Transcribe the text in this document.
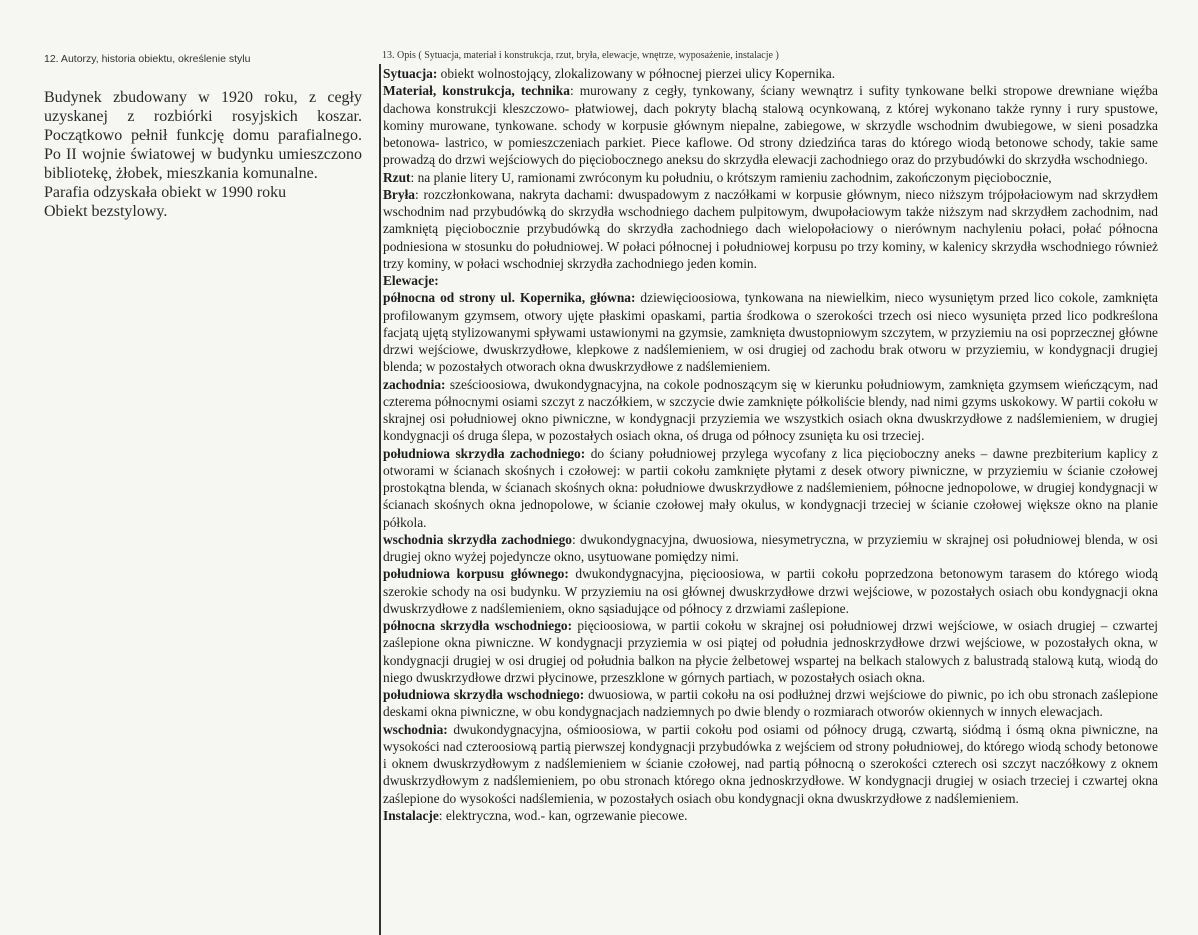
12. Autorzy, historia obiektu, określenie stylu

Budynek zbudowany w 1920 roku, z cegły uzyskanej z rozbiórki rosyjskich koszar. Początkowo pełnił funkcję domu parafialnego. Po II wojnie światowej w budynku umieszczono bibliotekę, żłobek, mieszkania komunalne.

Parafia odzyskała obiekt w 1990 roku

Obiekt bezstylowy.

13. Opis ( Sytuacja, materiał i konstrukcja, rzut, bryła, elewacje, wnętrze, wyposażenie, instalacje )

Sytuacja: obiekt wolnostojący, zlokalizowany w północnej pierzei ulicy Kopernika.

Materiał, konstrukcja, technika: murowany z cegły, tynkowany, ściany wewnątrz i sufity tynkowane belki stropowe drewniane więźba dachowa konstrukcji kleszczowo- płatwiowej, dach pokryty blachą stalową ocynkowaną, z której wykonano także rynny i rury spustowe, kominy murowane, tynkowane. schody w korpusie głównym niepalne, zabiegowe, w skrzydle wschodnim dwubiegowe, w sieni posadzka betonowa- lastrico, w pomieszczeniach parkiet. Piece kaflowe. Od strony dziedzińca taras do którego wiodą betonowe schody, takie same prowadzą do drzwi wejściowych do pięciobocznego aneksu do skrzydła elewacji zachodniego oraz do przybudówki do skrzydła wschodniego.

Rzut: na planie litery U, ramionami zwróconym ku południu, o krótszym ramieniu zachodnim, zakończonym pięciobocznie,

Bryła: rozczłonkowana, nakryta dachami: dwuspadowym z naczółkami w korpusie głównym, nieco niższym trójpołaciowym nad skrzydłem wschodnim nad przybudówką do skrzydła wschodniego dachem pulpitowym, dwupołaciowym także niższym nad skrzydłem zachodnim, nad zamkniętą pięciobocznie przybudówką do skrzydła zachodniego dach wielopołaciowy o nierównym nachyleniu połaci, połać północna podniesiona w stosunku do południowej. W połaci północnej i południowej korpusu po trzy kominy, w kalenicy skrzydła wschodniego również trzy kominy, w połaci wschodniej skrzydła zachodniego jeden komin.

Elewacje:

północna od strony ul. Kopernika, główna: dziewięcioosiowa, tynkowana na niewielkim, nieco wysuniętym przed lico cokole, zamknięta profilowanym gzymsem, otwory ujęte płaskimi opaskami, partia środkowa o szerokości trzech osi nieco wysunięta przed lico podkreślona facjatą ujętą stylizowanymi spływami ustawionymi na gzymsie, zamknięta dwustopniowym szczytem, w przyziemiu na osi poprzecznej główne drzwi wejściowe, dwuskrzydłowe, klepkowe z nadślemieniem, w osi drugiej od zachodu brak otworu w przyziemiu, w kondygnacji drugiej blenda; w pozostałych otworach okna dwuskrzydłowe z nadślemieniem.

zachodnia: sześcioosiowa, dwukondygnacyjna, na cokole podnoszącym się w kierunku południowym, zamknięta gzymsem wieńczącym, nad czterema północnymi osiami szczyt z naczółkiem, w szczycie dwie zamknięte półkoliście blendy, nad nimi gzyms uskokowy. W partii cokołu w skrajnej osi południowej okno piwniczne, w kondygnacji przyziemia we wszystkich osiach okna dwuskrzydłowe z nadślemieniem, w drugiej kondygnacji oś druga ślepa, w pozostałych osiach okna, oś druga od północy zsunięta ku osi trzeciej.

południowa skrzydła zachodniego: do ściany południowej przylega wycofany z lica pięcioboczny aneks – dawne prezbiterium kaplicy z otworami w ścianach skośnych i czołowej: w partii cokołu zamknięte płytami z desek otwory piwniczne, w przyziemiu w ścianie czołowej prostokątna blenda, w ścianach skośnych okna: południowe dwuskrzydłowe z nadślemieniem, północne jednopolowe, w drugiej kondygnacji w ścianach skośnych okna jednopolowe, w ścianie czołowej mały okulus, w kondygnacji trzeciej w ścianie czołowej większe okno na planie półkola.

wschodnia skrzydła zachodniego: dwukondygnacyjna, dwuosiowa, niesymetryczna, w przyziemiu w skrajnej osi południowej blenda, w osi drugiej okno wyżej pojedyncze okno, usytuowane pomiędzy nimi.

południowa korpusu głównego: dwukondygnacyjna, pięcioosiowa, w partii cokołu poprzedzona betonowym tarasem do którego wiodą szerokie schody na osi budynku. W przyziemiu na osi głównej dwuskrzydłowe drzwi wejściowe, w pozostałych osiach obu kondygnacji okna dwuskrzydłowe z nadślemieniem, okno sąsiadujące od północy z drzwiami zaślepione.

północna skrzydła wschodniego: pięcioosiowa, w partii cokołu w skrajnej osi południowej drzwi wejściowe, w osiach drugiej – czwartej zaślepione okna piwniczne. W kondygnacji przyziemia w osi piątej od południa jednoskrzydłowe drzwi wejściowe, w pozostałych okna, w kondygnacji drugiej w osi drugiej od południa balkon na płycie żelbetowej wspartej na belkach stalowych z balustradą stalową kutą, wiodą do niego dwuskrzydłowe drzwi płycinowe, przeszklone w górnych partiach, w pozostałych osiach okna.

południowa skrzydła wschodniego: dwuosiowa, w partii cokołu na osi podłużnej drzwi wejściowe do piwnic, po ich obu stronach zaślepione deskami okna piwniczne, w obu kondygnacjach nadziemnych po dwie blendy o rozmiarach otworów okiennych w innych elewacjach.

wschodnia: dwukondygnacyjna, ośmioosiowa, w partii cokołu pod osiami od północy drugą, czwartą, siódmą i ósmą okna piwniczne, na wysokości nad czteroosiową partią pierwszej kondygnacji przybudówka z wejściem od strony południowej, do którego wiodą schody betonowe i oknem dwuskrzydłowym z nadślemieniem w ścianie czołowej, nad partią północną o szerokości czterech osi szczyt naczółkowy z oknem dwuskrzydłowym z nadślemieniem, po obu stronach którego okna jednoskrzydłowe. W kondygnacji drugiej w osiach trzeciej i czwartej okna zaślepione do wysokości nadślemienia, w pozostałych osiach obu kondygnacji okna dwuskrzydłowe z nadślemieniem.

Instalacje: elektryczna, wod.- kan, ogrzewanie piecowe.
